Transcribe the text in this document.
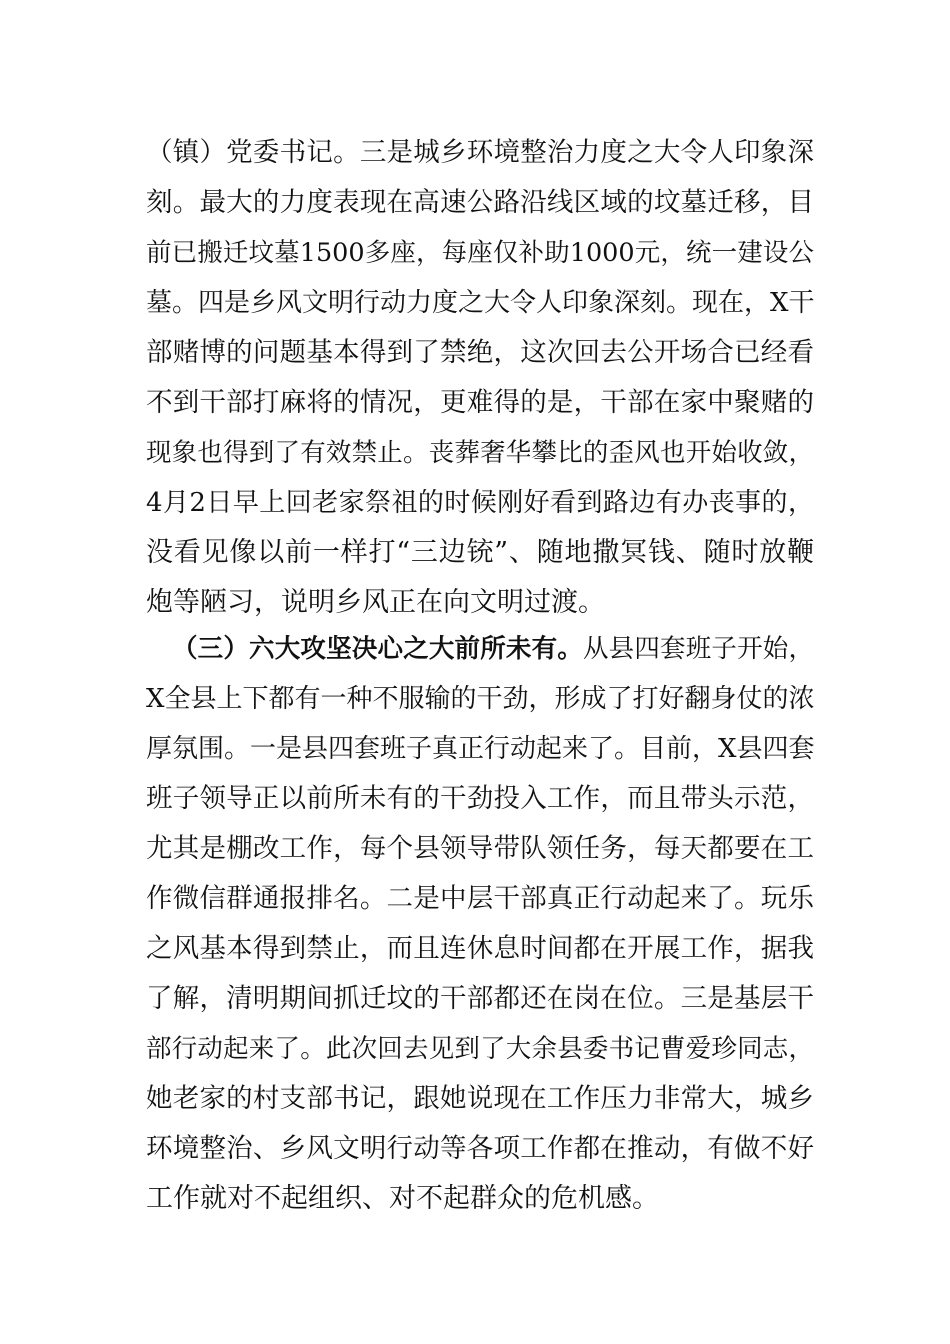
（镇）党委书记。三是城乡环境整治力度之大令人印象深
刻。最大的力度表现在高速公路沿线区域的坟墓迁移，目
前已搬迁坟墓1500多座，每座仅补助1000元，统一建设公
墓。四是乡风文明行动力度之大令人印象深刻。现在，X干
部赌博的问题基本得到了禁绝，这次回去公开场合已经看
不到干部打麻将的情况，更难得的是，干部在家中聚赌的
现象也得到了有效禁止。丧葬奢华攀比的歪风也开始收敛，
4月2日早上回老家祭祖的时候刚好看到路边有办丧事的，
没看见像以前一样打“三边铳”、随地撒冥钱、随时放鞭
炮等陋习，说明乡风正在向文明过渡。
（三）六大攻坚决心之大前所未有。从县四套班子开始，
X全县上下都有一种不服输的干劲，形成了打好翻身仗的浓
厚氛围。一是县四套班子真正行动起来了。目前，X县四套
班子领导正以前所未有的干劲投入工作，而且带头示范，
尤其是棚改工作，每个县领导带队领任务，每天都要在工
作微信群通报排名。二是中层干部真正行动起来了。玩乐
之风基本得到禁止，而且连休息时间都在开展工作，据我
了解，清明期间抓迁坟的干部都还在岗在位。三是基层干
部行动起来了。此次回去见到了大余县委书记曹爱珍同志，
她老家的村支部书记，跟她说现在工作压力非常大，城乡
环境整治、乡风文明行动等各项工作都在推动，有做不好
工作就对不起组织、对不起群众的危机感。
